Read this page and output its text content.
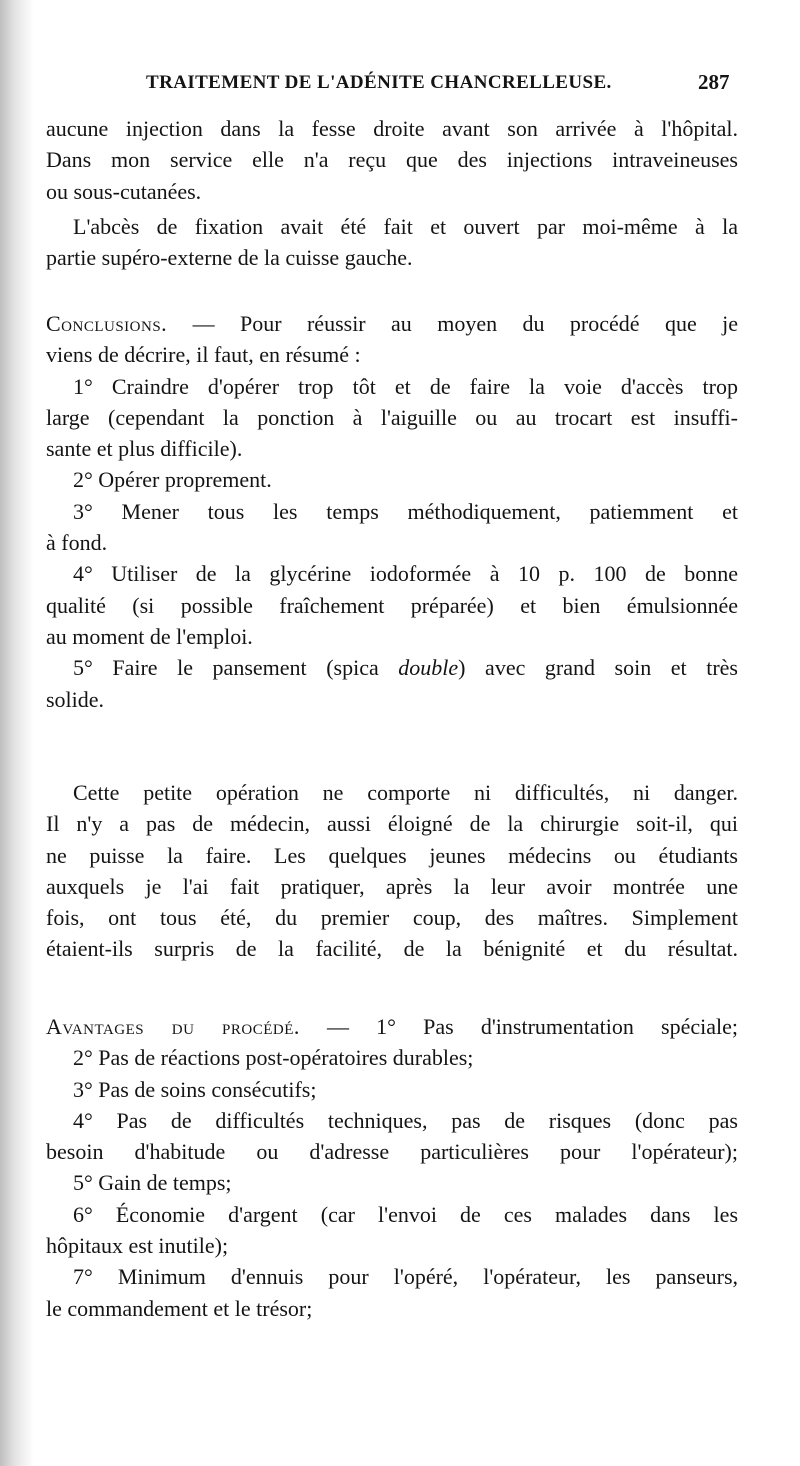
TRAITEMENT DE L'ADÉNITE CHANCRELLEUSE.	287
aucune injection dans la fesse droite avant son arrivée à l'hôpital.
Dans mon service elle n'a reçu que des injections intraveineuses
ou sous-cutanées.
L'abcès de fixation avait été fait et ouvert par moi-même à la
partie supéro-externe de la cuisse gauche.
Conclusions. — Pour réussir au moyen du procédé que je
viens de décrire, il faut, en résumé :
1° Craindre d'opérer trop tôt et de faire la voie d'accès trop
large (cependant la ponction à l'aiguille ou au trocart est insuffi-
sante et plus difficile).
2° Opérer proprement.
3° Mener tous les temps méthodiquement, patiemment et
à fond.
4° Utiliser de la glycérine iodoformée à 10 p. 100 de bonne
qualité (si possible fraîchement préparée) et bien émulsionnée
au moment de l'emploi.
5° Faire le pansement (spica double) avec grand soin et très
solide.
Cette petite opération ne comporte ni difficultés, ni danger.
Il n'y a pas de médecin, aussi éloigné de la chirurgie soit-il, qui
ne puisse la faire. Les quelques jeunes médecins ou étudiants
auxquels je l'ai fait pratiquer, après la leur avoir montrée une
fois, ont tous été, du premier coup, des maîtres. Simplement
étaient-ils surpris de la facilité, de la bénignité et du résultat.
Avantages du procédé. — 1° Pas d'instrumentation spéciale;
2° Pas de réactions post-opératoires durables;
3° Pas de soins consécutifs;
4° Pas de difficultés techniques, pas de risques (donc pas
besoin d'habitude ou d'adresse particulières pour l'opérateur);
5° Gain de temps;
6° Économie d'argent (car l'envoi de ces malades dans les
hôpitaux est inutile);
7° Minimum d'ennuis pour l'opéré, l'opérateur, les panseurs,
le commandement et le trésor;
